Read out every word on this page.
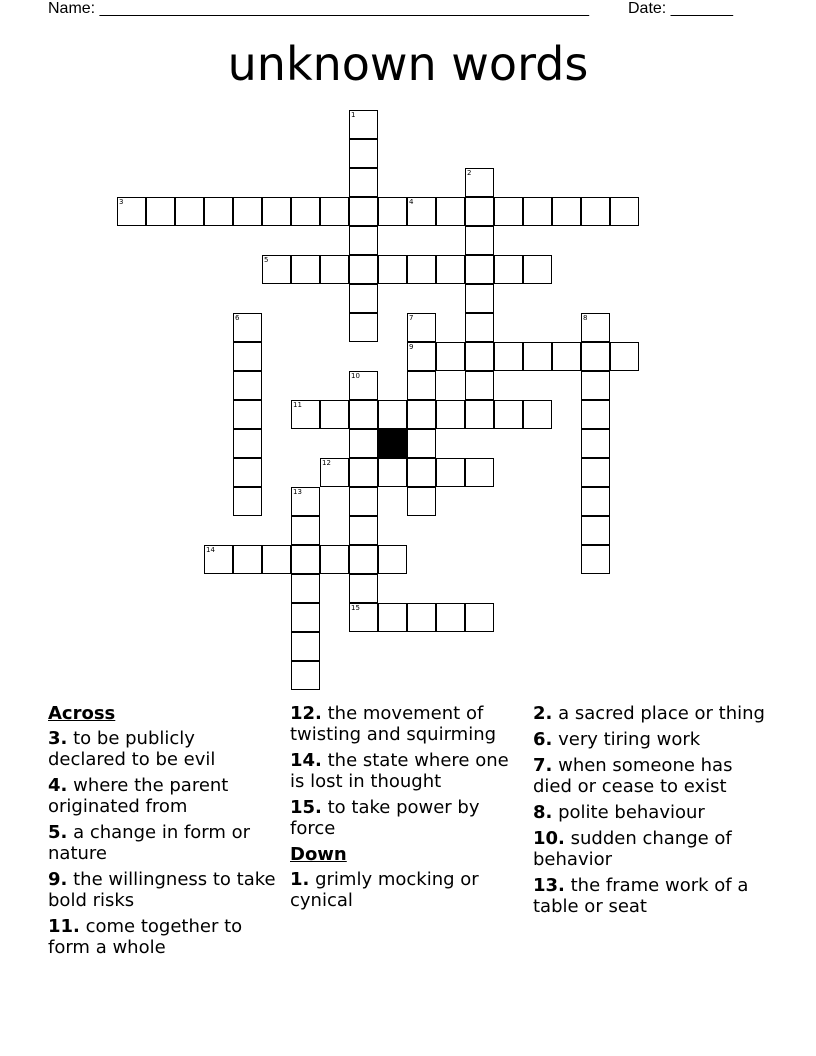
Name: _______________________________________________________ Date: _______
unknown words
1
2
3	4
5
6	7	8
9
10
11
12
13
14
15
Across
3. to be publicly declared to be evil
4. where the parent originated from
5. a change in form or nature
9. the willingness to take bold risks
11. come together to form a whole
12. the movement of twisting and squirming
14. the state where one is lost in thought
15. to take power by force
Down
1. grimly mocking or cynical
2. a sacred place or thing
6. very tiring work
7. when someone has died or cease to exist
8. polite behaviour
10. sudden change of behavior
13. the frame work of a table or seat
